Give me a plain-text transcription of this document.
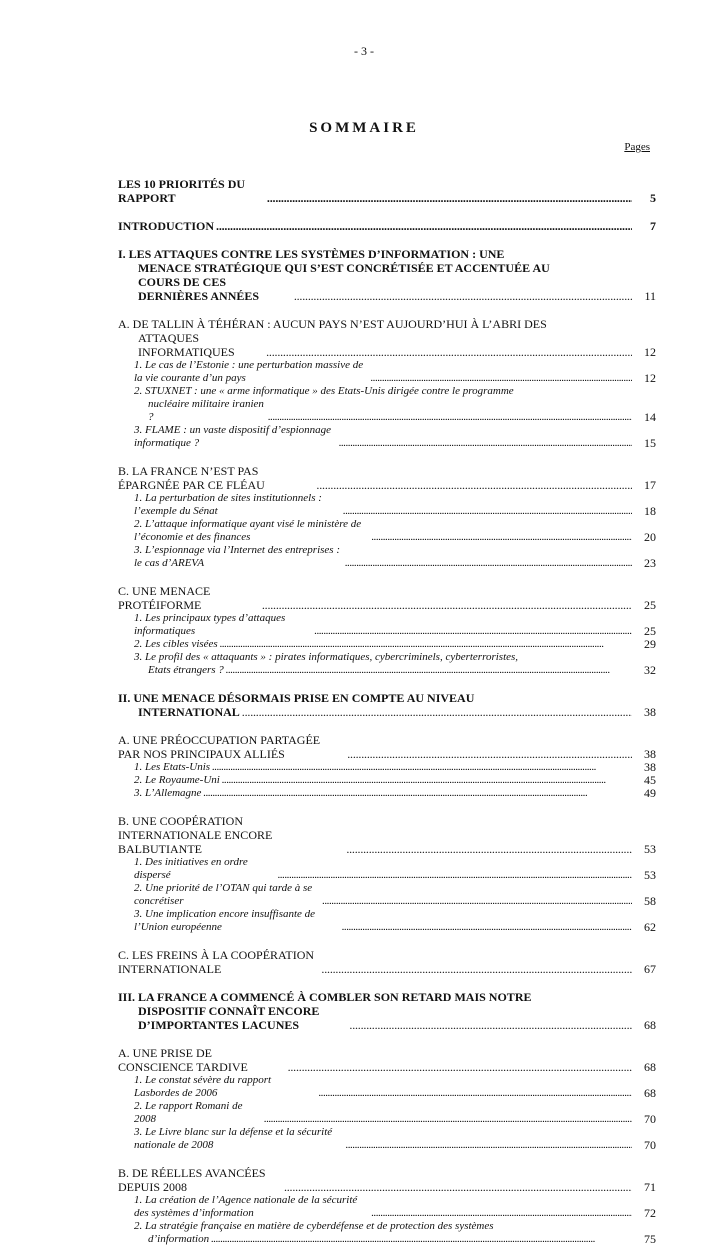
- 3 -
SOMMAIRE
Pages
LES 10 PRIORITÉS DU RAPPORT . . .	5
INTRODUCTION . . .	7
I. LES ATTAQUES CONTRE LES SYSTÈMES D’INFORMATION : UNE
MENACE STRATÉGIQUE QUI S’EST CONCRÉTISÉE ET ACCENTUÉE AU
COURS DE CES DERNIÈRES ANNÉES . . .	11
A. DE TALLIN À TÉHÉRAN : AUCUN PAYS N’EST AUJOURD’HUI À L’ABRI DES
ATTAQUES INFORMATIQUES . . .	12
1. Le cas de l’Estonie : une perturbation massive de la vie courante d’un pays . . .	12
2. STUXNET : une « arme informatique » des Etats-Unis dirigée contre le programme
nucléaire militaire iranien ? . . .	14
3. FLAME : un vaste dispositif d’espionnage informatique ? . . .	15
B. LA FRANCE N’EST PAS ÉPARGNÉE PAR CE FLÉAU . . .	17
1. La perturbation de sites institutionnels : l’exemple du Sénat . . .	18
2. L’attaque informatique ayant visé le ministère de l’économie et des finances . . .	20
3. L’espionnage via l’Internet des entreprises : le cas d’AREVA . . .	23
C. UNE MENACE PROTÉIFORME . . .	25
1. Les principaux types d’attaques informatiques . . .	25
2. Les cibles visées . . .	29
3. Le profil des « attaquants » : pirates informatiques, cybercriminels, cyberterroristes,
Etats étrangers ? . . .	32
II. UNE MENACE DÉSORMAIS PRISE EN COMPTE AU NIVEAU
INTERNATIONAL . . .	38
A. UNE PRÉOCCUPATION PARTAGÉE PAR NOS PRINCIPAUX ALLIÉS . . .	38
1. Les Etats-Unis . . .	38
2. Le Royaume-Uni . . .	45
3. L’Allemagne . . .	49
B. UNE COOPÉRATION INTERNATIONALE ENCORE BALBUTIANTE . . .	53
1. Des initiatives en ordre dispersé . . .	53
2. Une priorité de l’OTAN qui tarde à se concrétiser . . .	58
3. Une implication encore insuffisante de l’Union européenne . . .	62
C. LES FREINS À LA COOPÉRATION INTERNATIONALE . . .	67
III. LA FRANCE A COMMENCÉ À COMBLER SON RETARD MAIS NOTRE
DISPOSITIF CONNAÎT ENCORE D’IMPORTANTES LACUNES . . .	68
A. UNE PRISE DE CONSCIENCE TARDIVE . . .	68
1. Le constat sévère du rapport Lasbordes de 2006 . . .	68
2. Le rapport Romani de 2008 . . .	70
3. Le Livre blanc sur la défense et la sécurité nationale de 2008 . . .	70
B. DE RÉELLES AVANCÉES DEPUIS 2008 . . .	71
1. La création de l’Agence nationale de la sécurité des systèmes d’information . . .	72
2. La stratégie française en matière de cyberdéfense et de protection des systèmes
d’information . . .	75
